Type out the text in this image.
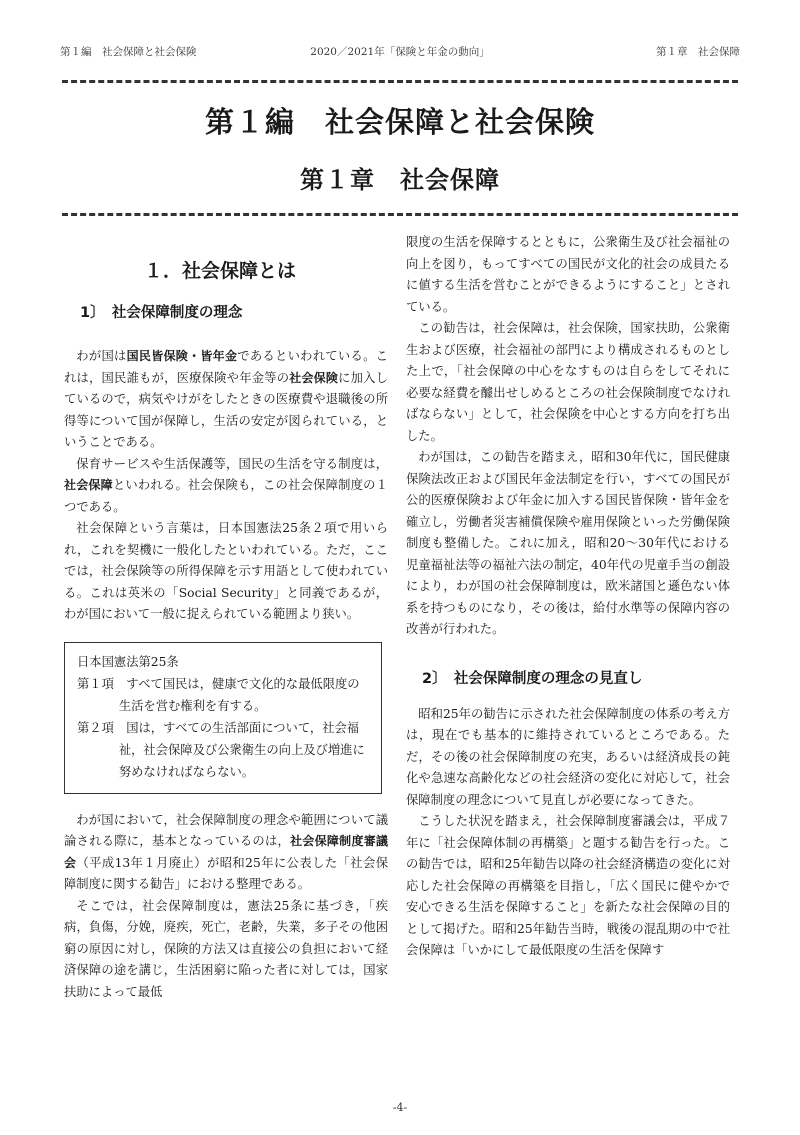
第１編　社会保障と社会保険	2020／2021年「保険と年金の動向」	第１章　社会保障
第１編　社会保障と社会保険
第１章　社会保障
１．社会保障とは
1〕　社会保障制度の理念

わが国は国民皆保険・皆年金であるといわれている。これは，国民誰もが，医療保険や年金等の社会保険に加入しているので，病気やけがをしたときの医療費や退職後の所得等について国が保障し，生活の安定が図られている，ということである。

保育サービスや生活保護等，国民の生活を守る制度は，社会保障といわれる。社会保険も，この社会保障制度の１つである。

社会保障という言葉は，日本国憲法25条２項で用いられ，これを契機に一般化したといわれている。ただ，ここでは，社会保険等の所得保障を示す用語として使われている。これは英米の「Social Security」と同義であるが，わが国において一般に捉えられている範囲より狭い。

日本国憲法第25条
第１項　すべて国民は，健康で文化的な最低限度の生活を営む権利を有する。
第２項　国は，すべての生活部面について，社会福祉，社会保障及び公衆衛生の向上及び増進に努めなければならない。

わが国において，社会保障制度の理念や範囲について議論される際に，基本となっているのは，社会保障制度審議会（平成13年１月廃止）が昭和25年に公表した「社会保障制度に関する勧告」における整理である。

そこでは，社会保障制度は，憲法25条に基づき，「疾病，負傷，分娩，廃疾，死亡，老齢，失業，多子その他困窮の原因に対し，保険的方法又は直接公の負担において経済保障の途を講じ，生活困窮に陥った者に対しては，国家扶助によって最低

限度の生活を保障するとともに，公衆衛生及び社会福祉の向上を図り，もってすべての国民が文化的社会の成員たるに値する生活を営むことができるようにすること」とされている。

この勧告は，社会保障は，社会保険，国家扶助，公衆衛生および医療，社会福祉の部門により構成されるものとした上で，「社会保障の中心をなすものは自らをしてそれに必要な経費を醵出せしめるところの社会保険制度でなければならない」として，社会保険を中心とする方向を打ち出した。

わが国は，この勧告を踏まえ，昭和30年代に，国民健康保険法改正および国民年金法制定を行い，すべての国民が公的医療保険および年金に加入する国民皆保険・皆年金を確立し，労働者災害補償保険や雇用保険といった労働保険制度も整備した。これに加え，昭和20～30年代における児童福祉法等の福祉六法の制定，40年代の児童手当の創設により，わが国の社会保障制度は，欧米諸国と遜色ない体系を持つものになり，その後は，給付水準等の保障内容の改善が行われた。

2〕　社会保障制度の理念の見直し

昭和25年の勧告に示された社会保障制度の体系の考え方は，現在でも基本的に維持されているところである。ただ，その後の社会保障制度の充実，あるいは経済成長の鈍化や急速な高齢化などの社会経済の変化に対応して，社会保障制度の理念について見直しが必要になってきた。

こうした状況を踏まえ，社会保障制度審議会は，平成７年に「社会保障体制の再構築」と題する勧告を行った。この勧告では，昭和25年勧告以降の社会経済構造の変化に対応した社会保障の再構築を目指し，「広く国民に健やかで安心できる生活を保障すること」を新たな社会保障の目的として掲げた。昭和25年勧告当時，戦後の混乱期の中で社会保障は「いかにして最低限度の生活を保障す

-4-
